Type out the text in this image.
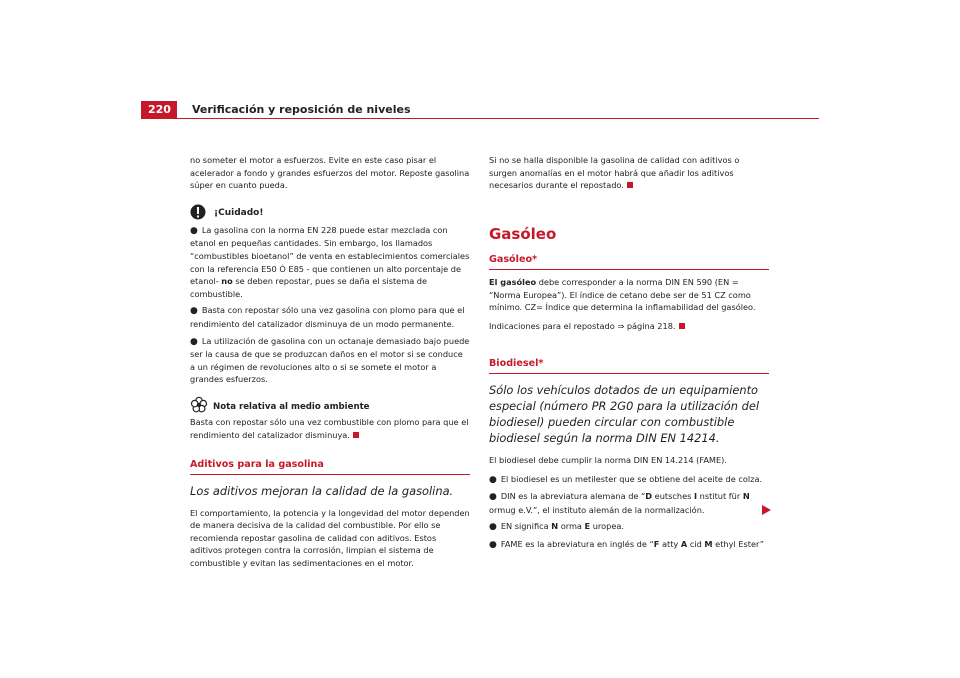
220	Verificación y reposición de niveles

no someter el motor a esfuerzos. Evite en este caso pisar el acelerador a fondo y grandes esfuerzos del motor. Reposte gasolina súper en cuanto pueda.

¡Cuidado!

● La gasolina con la norma EN 228 puede estar mezclada con etanol en pequeñas cantidades. Sin embargo, los llamados “combustibles bioetanol” de venta en establecimientos comerciales con la referencia E50 Ó E85 - que contienen un alto porcentaje de etanol- no se deben repostar, pues se daña el sistema de combustible.

● Basta con repostar sólo una vez gasolina con plomo para que el rendimiento del catalizador disminuya de un modo permanente.

● La utilización de gasolina con un octanaje demasiado bajo puede ser la causa de que se produzcan daños en el motor si se conduce a un régimen de revoluciones alto o si se somete el motor a grandes esfuerzos.

Nota relativa al medio ambiente

Basta con repostar sólo una vez combustible con plomo para que el rendimiento del catalizador disminuya.

Aditivos para la gasolina
Los aditivos mejoran la calidad de la gasolina.

El comportamiento, la potencia y la longevidad del motor dependen de manera decisiva de la calidad del combustible. Por ello se recomienda repostar gasolina de calidad con aditivos. Estos aditivos protegen contra la corrosión, limpian el sistema de combustible y evitan las sedimentaciones en el motor.

Si no se halla disponible la gasolina de calidad con aditivos o surgen anomalías en el motor habrá que añadir los aditivos necesarios durante el repostado.

Gasóleo
Gasóleo*

El gasóleo debe corresponder a la norma DIN EN 590 (EN = “Norma Europea”). El índice de cetano debe ser de 51 CZ como mínimo. CZ= Índice que determina la inflamabilidad del gasóleo.

Indicaciones para el repostado ⇒ página 218.

Biodiesel*
Sólo los vehículos dotados de un equipamiento especial (número PR 2G0 para la utilización del biodiesel) pueden circular con combustible biodiesel según la norma DIN EN 14214.

El biodiesel debe cumplir la norma DIN EN 14.214 (FAME).

● El biodiesel es un metilester que se obtiene del aceite de colza.

● DIN es la abreviatura alemana de “D eutsches I nstitut für N ormug e.V.”, el instituto alemán de la normalización.

● EN significa N orma E uropea.

● FAME es la abreviatura en inglés de “F atty A cid M ethyl Ester”
